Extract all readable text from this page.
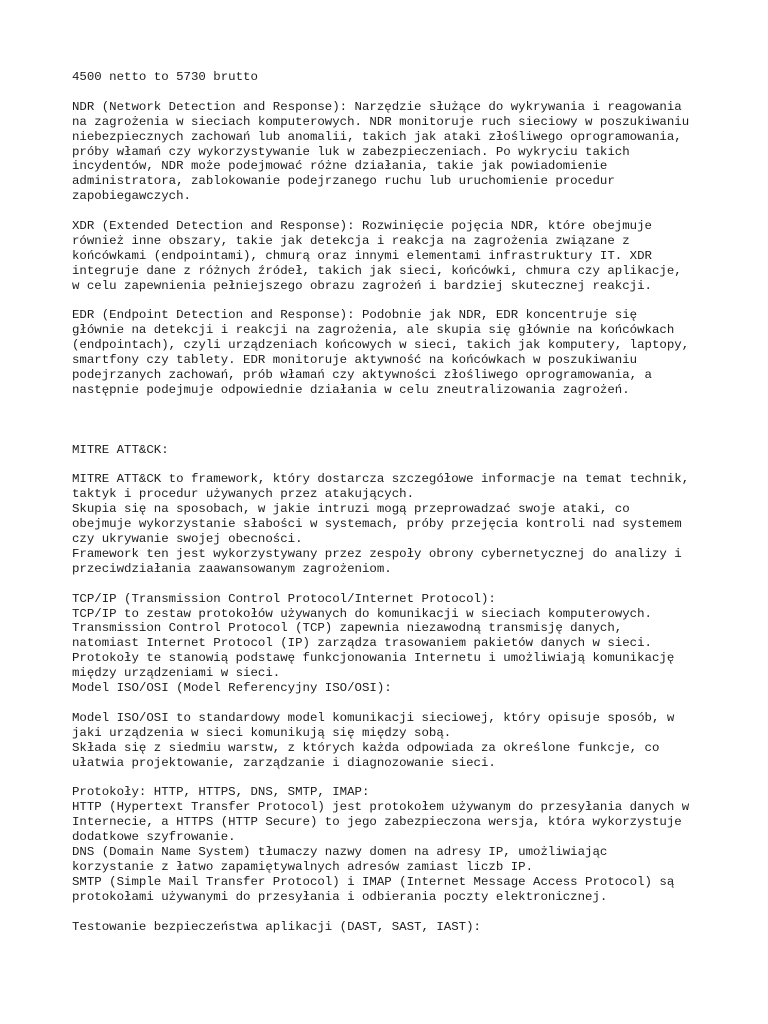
4500 netto to 5730 brutto
NDR (Network Detection and Response): Narzędzie służące do wykrywania i reagowania
na zagrożenia w sieciach komputerowych. NDR monitoruje ruch sieciowy w poszukiwaniu
niebezpiecznych zachowań lub anomalii, takich jak ataki złośliwego oprogramowania,
próby włamań czy wykorzystywanie luk w zabezpieczeniach. Po wykryciu takich
incydentów, NDR może podejmować różne działania, takie jak powiadomienie
administratora, zablokowanie podejrzanego ruchu lub uruchomienie procedur
zapobiegawczych.
XDR (Extended Detection and Response): Rozwinięcie pojęcia NDR, które obejmuje
również inne obszary, takie jak detekcja i reakcja na zagrożenia związane z
końcówkami (endpointami), chmurą oraz innymi elementami infrastruktury IT. XDR
integruje dane z różnych źródeł, takich jak sieci, końcówki, chmura czy aplikacje,
w celu zapewnienia pełniejszego obrazu zagrożeń i bardziej skutecznej reakcji.
EDR (Endpoint Detection and Response): Podobnie jak NDR, EDR koncentruje się
głównie na detekcji i reakcji na zagrożenia, ale skupia się głównie na końcówkach
(endpointach), czyli urządzeniach końcowych w sieci, takich jak komputery, laptopy,
smartfony czy tablety. EDR monitoruje aktywność na końcówkach w poszukiwaniu
podejrzanych zachowań, prób włamań czy aktywności złośliwego oprogramowania, a
następnie podejmuje odpowiednie działania w celu zneutralizowania zagrożeń.
MITRE ATT&CK:
MITRE ATT&CK to framework, który dostarcza szczegółowe informacje na temat technik,
taktyk i procedur używanych przez atakujących.
Skupia się na sposobach, w jakie intruzi mogą przeprowadzać swoje ataki, co
obejmuje wykorzystanie słabości w systemach, próby przejęcia kontroli nad systemem
czy ukrywanie swojej obecności.
Framework ten jest wykorzystywany przez zespoły obrony cybernetycznej do analizy i
przeciwdziałania zaawansowanym zagrożeniom.
TCP/IP (Transmission Control Protocol/Internet Protocol):
TCP/IP to zestaw protokołów używanych do komunikacji w sieciach komputerowych.
Transmission Control Protocol (TCP) zapewnia niezawodną transmisję danych,
natomiast Internet Protocol (IP) zarządza trasowaniem pakietów danych w sieci.
Protokoły te stanowią podstawę funkcjonowania Internetu i umożliwiają komunikację
między urządzeniami w sieci.
Model ISO/OSI (Model Referencyjny ISO/OSI):
Model ISO/OSI to standardowy model komunikacji sieciowej, który opisuje sposób, w
jaki urządzenia w sieci komunikują się między sobą.
Składa się z siedmiu warstw, z których każda odpowiada za określone funkcje, co
ułatwia projektowanie, zarządzanie i diagnozowanie sieci.
Protokoły: HTTP, HTTPS, DNS, SMTP, IMAP:
HTTP (Hypertext Transfer Protocol) jest protokołem używanym do przesyłania danych w
Internecie, a HTTPS (HTTP Secure) to jego zabezpieczona wersja, która wykorzystuje
dodatkowe szyfrowanie.
DNS (Domain Name System) tłumaczy nazwy domen na adresy IP, umożliwiając
korzystanie z łatwo zapamiętywalnych adresów zamiast liczb IP.
SMTP (Simple Mail Transfer Protocol) i IMAP (Internet Message Access Protocol) są
protokołami używanymi do przesyłania i odbierania poczty elektronicznej.
Testowanie bezpieczeństwa aplikacji (DAST, SAST, IAST):
